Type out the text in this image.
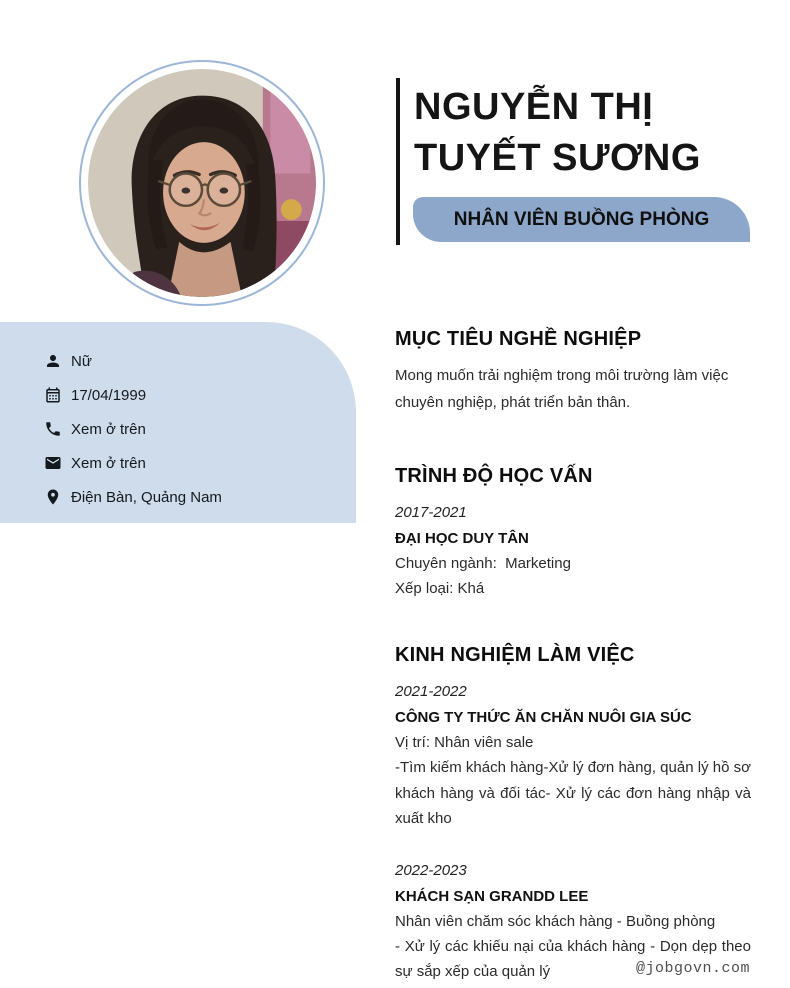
NGUYỄN THỊ
TUYẾT SƯƠNG
NHÂN VIÊN BUỒNG PHÒNG
Nữ
17/04/1999
Xem ở trên
Xem ở trên
Điện Bàn, Quảng Nam
MỤC TIÊU NGHỀ NGHIỆP
Mong muốn trải nghiệm trong môi trường làm việc chuyên nghiệp, phát triển bản thân.
TRÌNH ĐỘ HỌC VẤN
2017-2021
ĐẠI HỌC DUY TÂN
Chuyên ngành:  Marketing
Xếp loại: Khá
KINH NGHIỆM LÀM VIỆC
2021-2022
CÔNG TY THỨC ĂN CHĂN NUÔI GIA SÚC
Vị trí: Nhân viên sale
-Tìm kiếm khách hàng-Xử lý đơn hàng, quản lý hồ sơ khách hàng và đối tác- Xử lý các đơn hàng nhập và xuất kho
2022-2023
KHÁCH SẠN GRANDD LEE
Nhân viên chăm sóc khách hàng - Buồng phòng
- Xử lý các khiếu nại của khách hàng - Dọn dẹp theo sự sắp xếp của quản lý	@jobgovn.com
